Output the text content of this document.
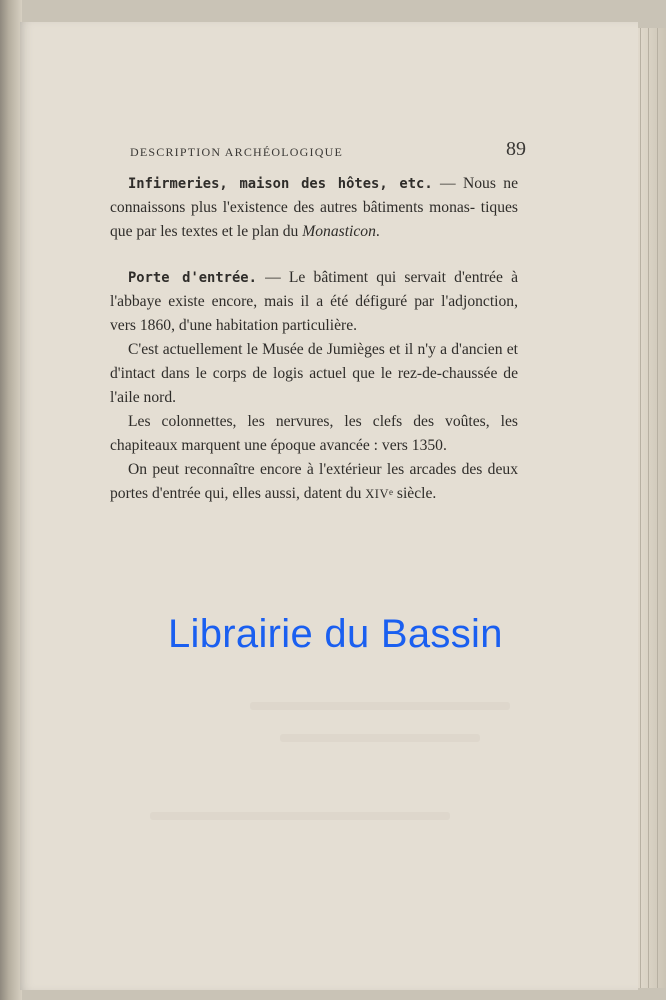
DESCRIPTION ARCHÉOLOGIQUE	89

Infirmeries, maison des hôtes, etc. — Nous ne connaissons plus l'existence des autres bâtiments monas- tiques que par les textes et le plan du Monasticon.

Porte d'entrée. — Le bâtiment qui servait d'entrée à l'abbaye existe encore, mais il a été défiguré par l'adjonction, vers 1860, d'une habitation particulière.

C'est actuellement le Musée de Jumièges et il n'y a d'ancien et d'intact dans le corps de logis actuel que le rez-de-chaussée de l'aile nord.

Les colonnettes, les nervures, les clefs des voûtes, les chapiteaux marquent une époque avancée : vers 1350.

On peut reconnaître encore à l'extérieur les arcades des deux portes d'entrée qui, elles aussi, datent du XIVe siècle.

Librairie du Bassin
